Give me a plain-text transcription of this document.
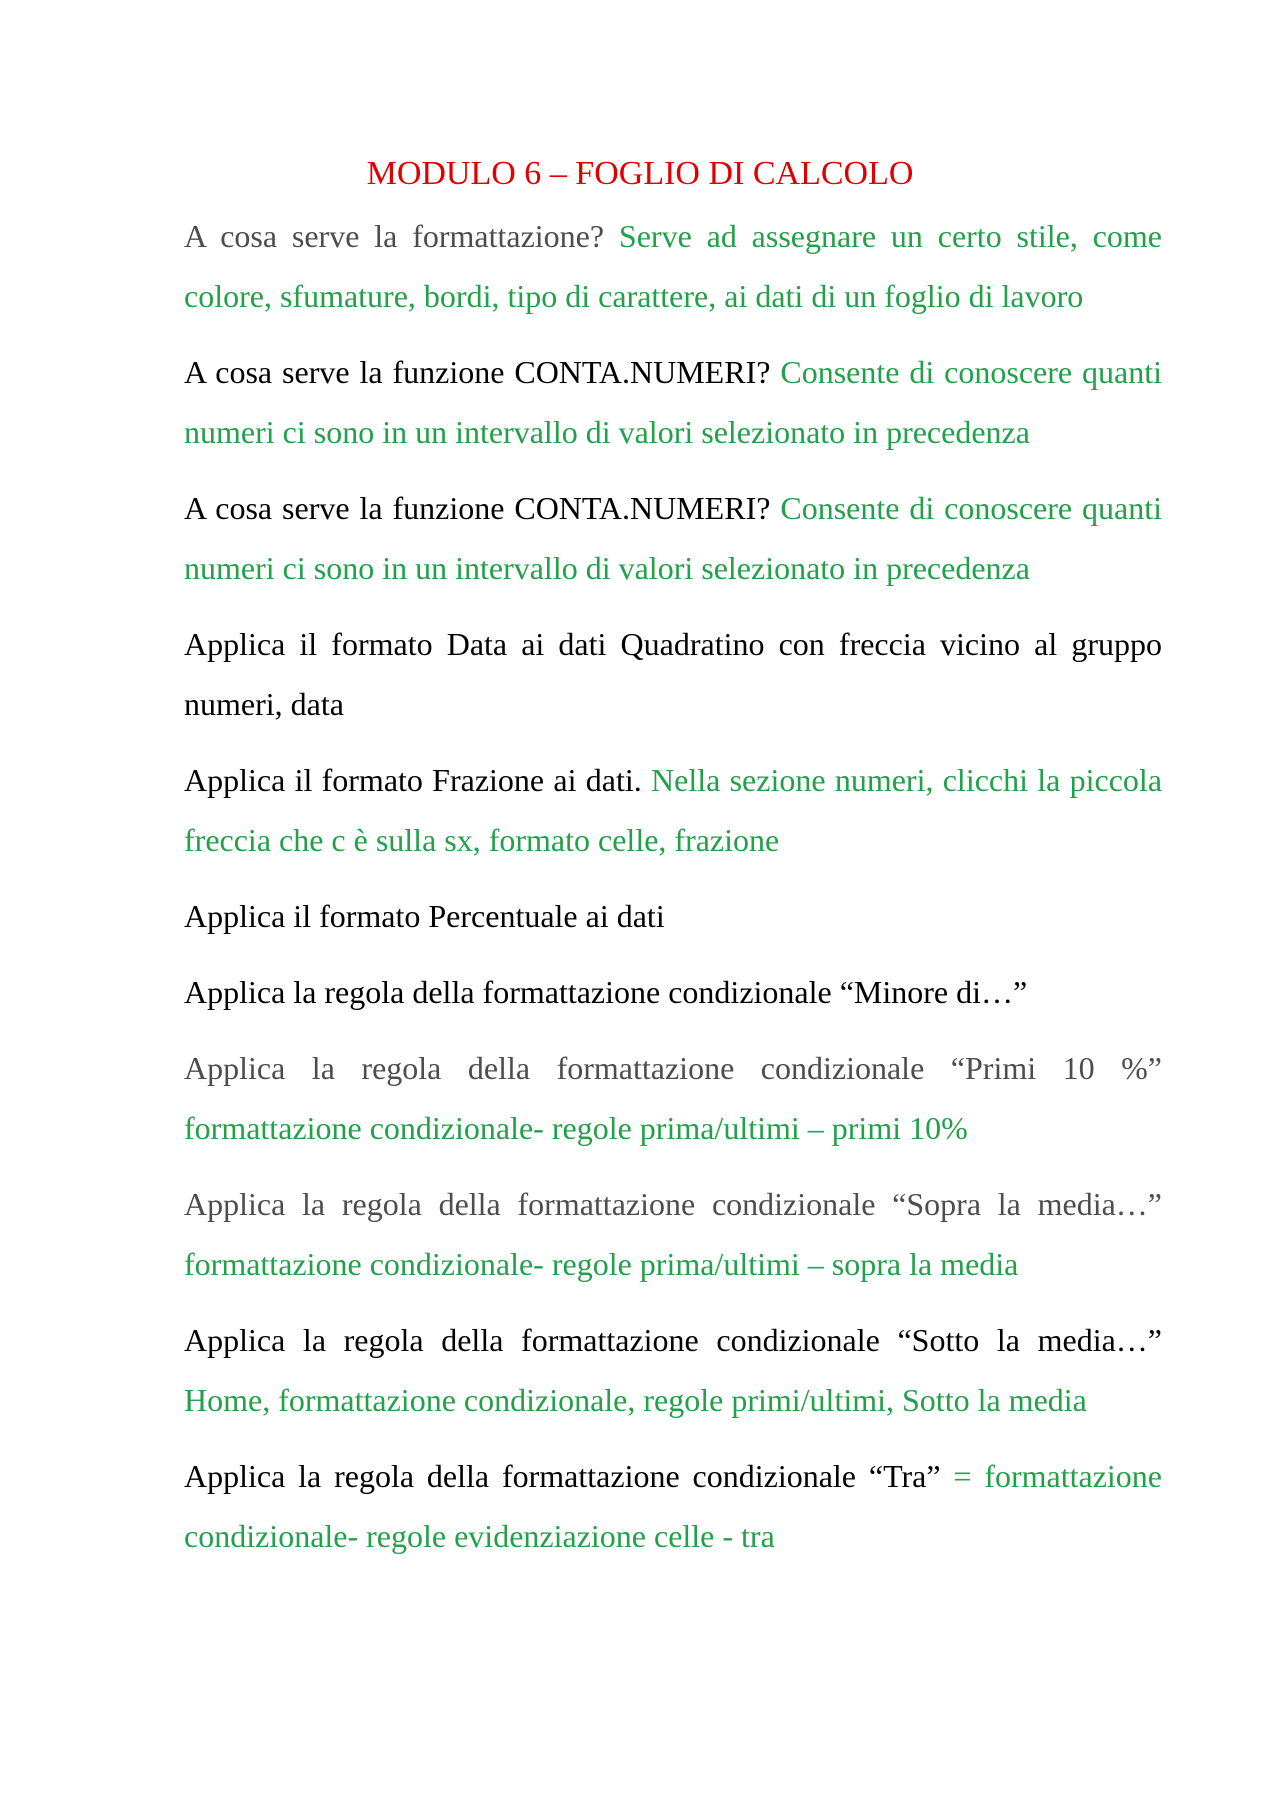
MODULO 6 – FOGLIO DI CALCOLO

A cosa serve la formattazione? Serve ad assegnare un certo stile, come colore, sfumature, bordi, tipo di carattere, ai dati di un foglio di lavoro

A cosa serve la funzione CONTA.NUMERI? Consente di conoscere quanti numeri ci sono in un intervallo di valori selezionato in precedenza

A cosa serve la funzione CONTA.NUMERI? Consente di conoscere quanti numeri ci sono in un intervallo di valori selezionato in precedenza

Applica il formato Data ai dati Quadratino con freccia vicino al gruppo numeri, data

Applica il formato Frazione ai dati. Nella sezione numeri, clicchi la piccola freccia che c è sulla sx, formato celle, frazione

Applica il formato Percentuale ai dati

Applica la regola della formattazione condizionale “Minore di…”

Applica la regola della formattazione condizionale “Primi 10 %” formattazione condizionale- regole prima/ultimi – primi 10%

Applica la regola della formattazione condizionale “Sopra la media…” formattazione condizionale- regole prima/ultimi – sopra la media

Applica la regola della formattazione condizionale “Sotto la media…” Home, formattazione condizionale, regole primi/ultimi, Sotto la media

Applica la regola della formattazione condizionale “Tra” = formattazione condizionale- regole evidenziazione celle - tra
